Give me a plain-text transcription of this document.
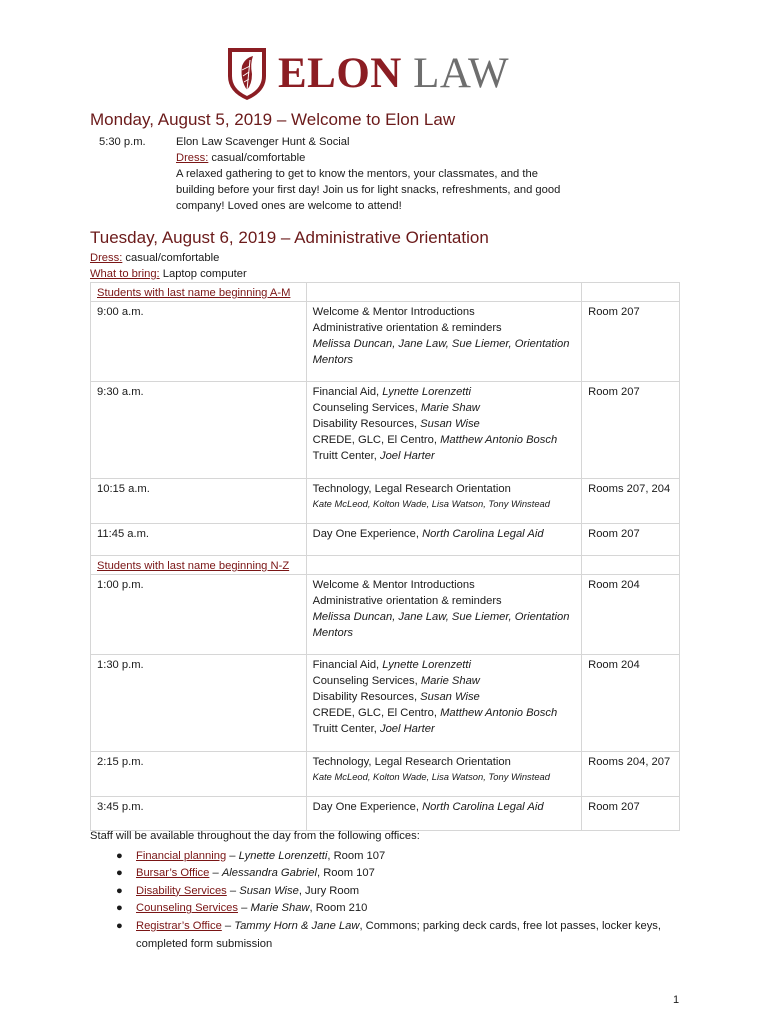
ELON LAW
Monday, August 5, 2019 – Welcome to Elon Law
5:30 p.m.	Elon Law Scavenger Hunt & Social
Dress: casual/comfortable
A relaxed gathering to get to know the mentors, your classmates, and the
building before your first day! Join us for light snacks, refreshments, and good
company! Loved ones are welcome to attend!
Tuesday, August 6, 2019 – Administrative Orientation
Dress: casual/comfortable
What to bring: Laptop computer
Students with last name beginning A-M		
9:00 a.m.	Welcome & Mentor Introductions
Administrative orientation & reminders
Melissa Duncan, Jane Law, Sue Liemer, Orientation
Mentors	Room 207
9:30 a.m.	Financial Aid, Lynette Lorenzetti
Counseling Services, Marie Shaw
Disability Resources, Susan Wise
CREDE, GLC, El Centro, Matthew Antonio Bosch
Truitt Center, Joel Harter	Room 207
10:15 a.m.	Technology, Legal Research Orientation
Kate McLeod, Kolton Wade, Lisa Watson, Tony Winstead	Rooms 207, 204
11:45 a.m.	Day One Experience, North Carolina Legal Aid	Room 207
Students with last name beginning N-Z		
1:00 p.m.	Welcome & Mentor Introductions
Administrative orientation & reminders
Melissa Duncan, Jane Law, Sue Liemer, Orientation
Mentors	Room 204
1:30 p.m.	Financial Aid, Lynette Lorenzetti
Counseling Services, Marie Shaw
Disability Resources, Susan Wise
CREDE, GLC, El Centro, Matthew Antonio Bosch
Truitt Center, Joel Harter	Room 204
2:15 p.m.	Technology, Legal Research Orientation
Kate McLeod, Kolton Wade, Lisa Watson, Tony Winstead	Rooms 204, 207
3:45 p.m.	Day One Experience, North Carolina Legal Aid	Room 207
Staff will be available throughout the day from the following offices:
● Financial planning – Lynette Lorenzetti, Room 107
● Bursar’s Office – Alessandra Gabriel, Room 107
● Disability Services – Susan Wise, Jury Room
● Counseling Services – Marie Shaw, Room 210
● Registrar’s Office – Tammy Horn & Jane Law, Commons; parking deck cards, free lot passes, locker keys,
completed form submission
1
